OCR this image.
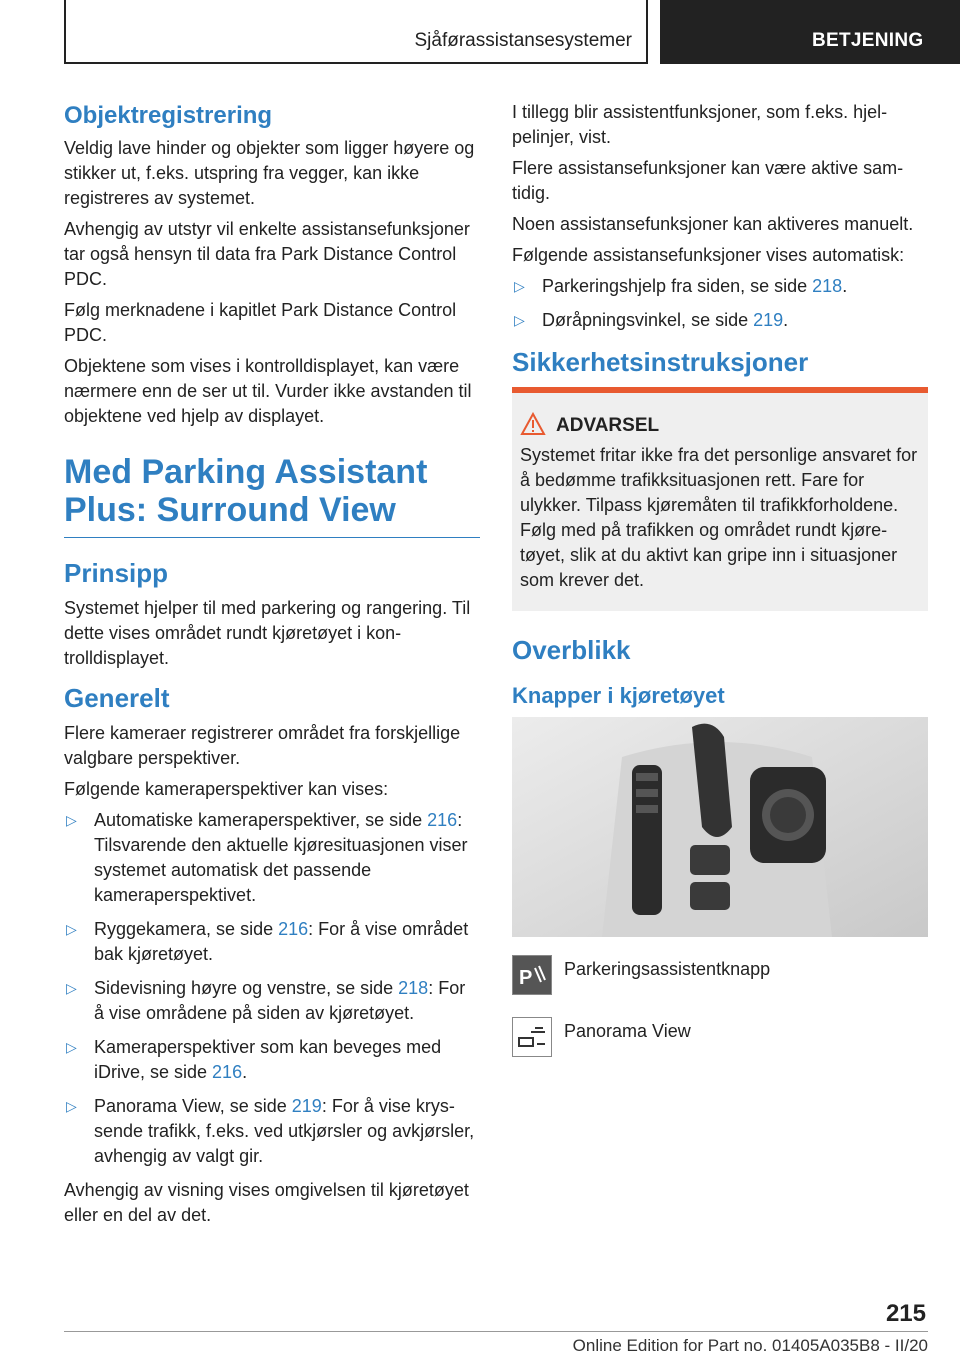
Sjåførassistansesystemer	BETJENING
Objektregistrering

Veldig lave hinder og objekter som ligger høyere og stikker ut, f.eks. utspring fra vegger, kan ikke registreres av systemet.

Avhengig av utstyr vil enkelte assistansefunksjoner tar også hensyn til data fra Park Distance Control PDC.

Følg merknadene i kapitlet Park Distance Control PDC.

Objektene som vises i kontrolldisplayet, kan være nærmere enn de ser ut til. Vurder ikke avstanden til objektene ved hjelp av displayet.

Med Parking Assistant Plus: Surround View
Prinsipp

Systemet hjelper til med parkering og rangering. Til dette vises området rundt kjøretøyet i kontrolldisplayet.

Generelt

Flere kameraer registrerer området fra forskjellige valgbare perspektiver.

Følgende kameraperspektiver kan vises:

▷ Automatiske kameraperspektiver, se side 216: Tilsvarende den aktuelle kjøresituasjonen viser systemet automatisk det passende kameraperspektivet.
▷ Ryggekamera, se side 216: For å vise området bak kjøretøyet.
▷ Sidevisning høyre og venstre, se side 218: For å vise områdene på siden av kjøretøyet.
▷ Kameraperspektiver som kan beveges med iDrive, se side 216.
▷ Panorama View, se side 219: For å vise kryssende trafikk, f.eks. ved utkjørsler og avkjørsler, avhengig av valgt gir.

Avhengig av visning vises omgivelsen til kjøretøyet eller en del av det.

I tillegg blir assistentfunksjoner, som f.eks. hjelpelinjer, vist.

Flere assistansefunksjoner kan være aktive samtidig.

Noen assistansefunksjoner kan aktiveres manuelt.

Følgende assistansefunksjoner vises automatisk:

▷ Parkeringshjelp fra siden, se side 218.
▷ Døråpningsvinkel, se side 219.
Sikkerhetsinstruksjoner
ADVARSEL

Systemet fritar ikke fra det personlige ansvaret for å bedømme trafikksituasjonen rett. Fare for ulykker. Tilpass kjøremåten til trafikkforholdene. Følg med på trafikken og området rundt kjøretøyet, slik at du aktivt kan gripe inn i situasjoner som krever det.

Overblikk
Knapper i kjøretøyet
P Parkeringsassistentknapp
Panorama View
215
Online Edition for Part no. 01405A035B8 - II/20
